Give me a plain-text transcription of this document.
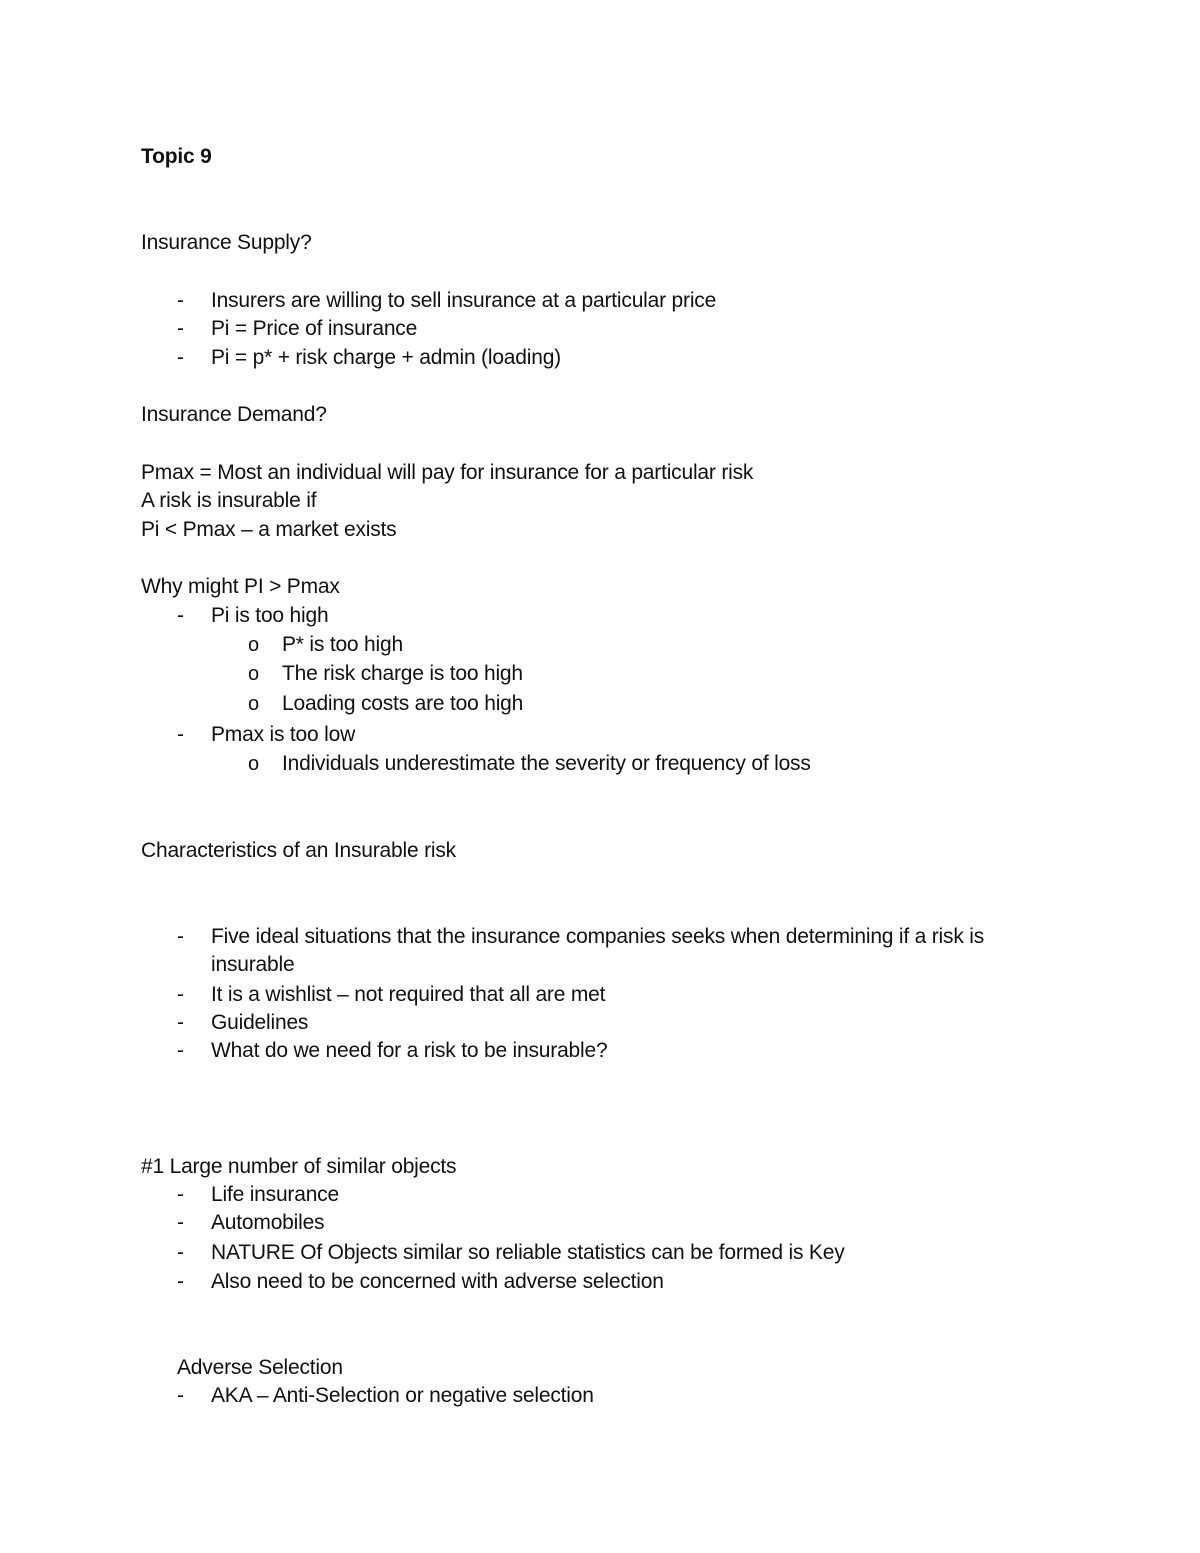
Topic 9
Insurance Supply?
- Insurers are willing to sell insurance at a particular price
- Pi = Price of insurance
- Pi = p* + risk charge + admin (loading)
Insurance Demand?
Pmax = Most an individual will pay for insurance for a particular risk
A risk is insurable if
Pi < Pmax – a market exists
Why might PI > Pmax
- Pi is too high
o P* is too high
o The risk charge is too high
o Loading costs are too high
- Pmax is too low
o Individuals underestimate the severity or frequency of loss
Characteristics of an Insurable risk
- Five ideal situations that the insurance companies seeks when determining if a risk is
insurable
- It is a wishlist – not required that all are met
- Guidelines
- What do we need for a risk to be insurable?
#1 Large number of similar objects
- Life insurance
- Automobiles
- NATURE Of Objects similar so reliable statistics can be formed is Key
- Also need to be concerned with adverse selection
Adverse Selection
- AKA – Anti-Selection or negative selection
